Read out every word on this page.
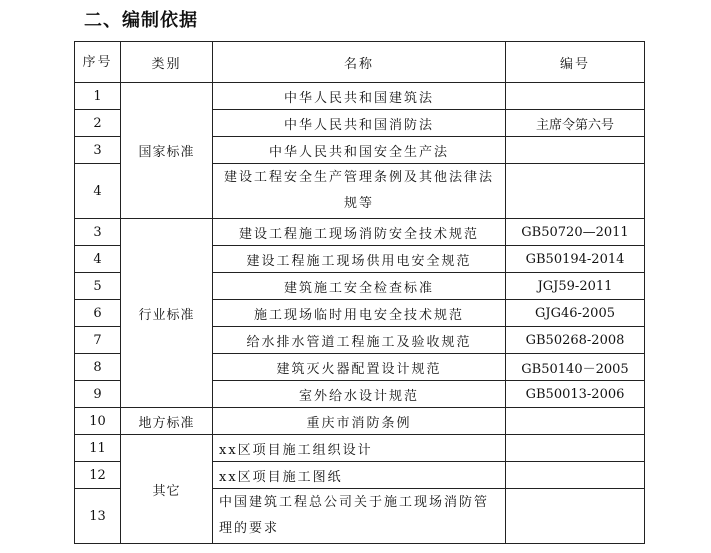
二、编制依据
序号	类别	名称	编号
1	国家标准	中华人民共和国建筑法	
2		中华人民共和国消防法	主席令第六号
3		中华人民共和国安全生产法	
4		建设工程安全生产管理条例及其他法律法规等	
3	行业标准	建设工程施工现场消防安全技术规范	GB50720—2011
4		建设工程施工现场供用电安全规范	GB50194-2014
5		建筑施工安全检查标准	JGJ59-2011
6		施工现场临时用电安全技术规范	GJG46-2005
7		给水排水管道工程施工及验收规范	GB50268-2008
8		建筑灭火器配置设计规范	GB50140－2005
9		室外给水设计规范	GB50013-2006
10	地方标准	重庆市消防条例	
11	其它	xx区项目施工组织设计	
12		xx区项目施工图纸	
13		中国建筑工程总公司关于施工现场消防管理的要求	
